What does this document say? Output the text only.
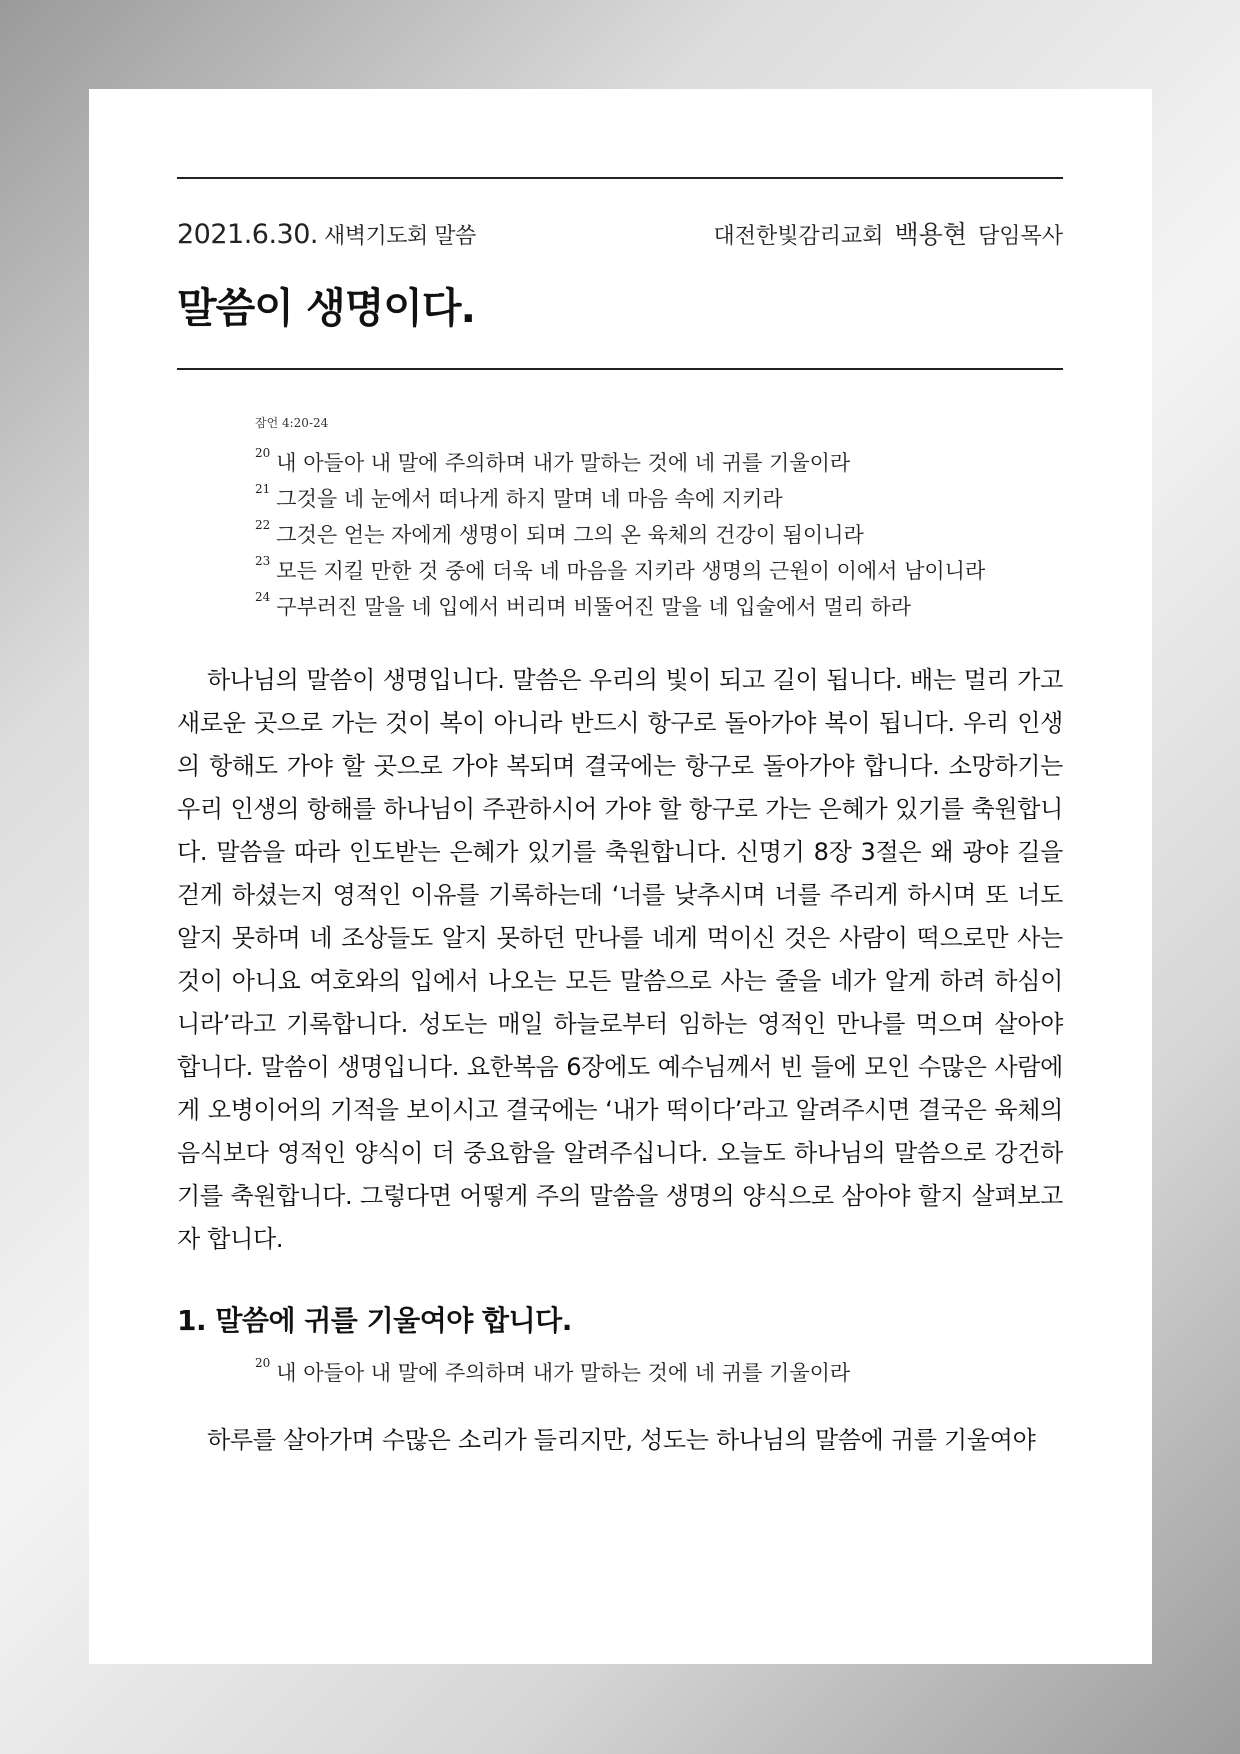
2021.6.30. 새벽기도회 말씀	대전한빛감리교회 백용현 담임목사
말씀이 생명이다.
잠언 4:20-24
$^{20}$ 내 아들아 내 말에 주의하며 내가 말하는 것에 네 귀를 기울이라
$^{21}$ 그것을 네 눈에서 떠나게 하지 말며 네 마음 속에 지키라
$^{22}$ 그것은 얻는 자에게 생명이 되며 그의 온 육체의 건강이 됨이니라
$^{23}$ 모든 지킬 만한 것 중에 더욱 네 마음을 지키라 생명의 근원이 이에서 남이니라
$^{24}$ 구부러진 말을 네 입에서 버리며 비뚤어진 말을 네 입술에서 멀리 하라

하나님의 말씀이 생명입니다. 말씀은 우리의 빛이 되고 길이 됩니다. 배는 멀리 가고 새로운 곳으로 가는 것이 복이 아니라 반드시 항구로 돌아가야 복이 됩니다. 우리 인생의 항해도 가야 할 곳으로 가야 복되며 결국에는 항구로 돌아가야 합니다. 소망하기는 우리 인생의 항해를 하나님이 주관하시어 가야 할 항구로 가는 은혜가 있기를 축원합니다. 말씀을 따라 인도받는 은혜가 있기를 축원합니다. 신명기 8장 3절은 왜 광야 길을 걷게 하셨는지 영적인 이유를 기록하는데 ‘너를 낮추시며 너를 주리게 하시며 또 너도 알지 못하며 네 조상들도 알지 못하던 만나를 네게 먹이신 것은 사람이 떡으로만 사는 것이 아니요 여호와의 입에서 나오는 모든 말씀으로 사는 줄을 네가 알게 하려 하심이니라’라고 기록합니다. 성도는 매일 하늘로부터 임하는 영적인 만나를 먹으며 살아야 합니다. 말씀이 생명입니다. 요한복음 6장에도 예수님께서 빈 들에 모인 수많은 사람에게 오병이어의 기적을 보이시고 결국에는 ‘내가 떡이다’라고 알려주시면 결국은 육체의 음식보다 영적인 양식이 더 중요함을 알려주십니다. 오늘도 하나님의 말씀으로 강건하기를 축원합니다. 그렇다면 어떻게 주의 말씀을 생명의 양식으로 삼아야 할지 살펴보고자 합니다.

1. 말씀에 귀를 기울여야 합니다.
$^{20}$ 내 아들아 내 말에 주의하며 내가 말하는 것에 네 귀를 기울이라

하루를 살아가며 수많은 소리가 들리지만, 성도는 하나님의 말씀에 귀를 기울여야
